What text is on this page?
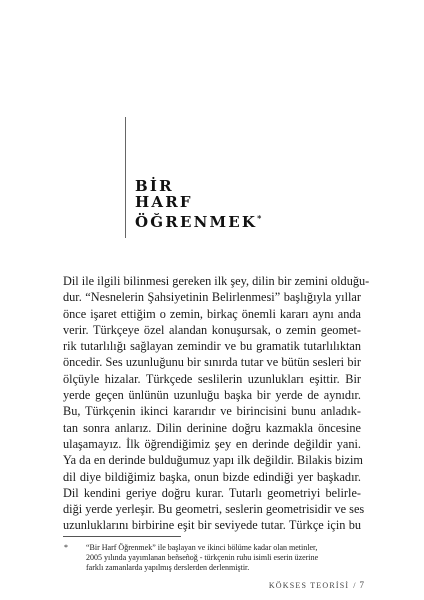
BİR
HARF
ÖĞRENMEK*
Dil ile ilgili bilinmesi gereken ilk şey, dilin bir zemini olduğu-
dur. “Nesnelerin Şahsiyetinin Belirlenmesi” başlığıyla yıllar
önce işaret ettiğim o zemin, birkaç önemli kararı aynı anda
verir. Türkçeye özel alandan konuşursak, o zemin geomet-
rik tutarlılığı sağlayan zemindir ve bu gramatik tutarlılıktan
öncedir. Ses uzunluğunu bir sınırda tutar ve bütün sesleri bir
ölçüyle hizalar. Türkçede seslilerin uzunlukları eşittir. Bir
yerde geçen ünlünün uzunluğu başka bir yerde de aynıdır.
Bu, Türkçenin ikinci kararıdır ve birincisini bunu anladık-
tan sonra anlarız. Dilin derinine doğru kazmakla öncesine
ulaşamayız. İlk öğrendiğimiz şey en derinde değildir yani.
Ya da en derinde bulduğumuz yapı ilk değildir. Bilakis bizim
dil diye bildiğimiz başka, onun bizde edindiği yer başkadır.
Dil kendini geriye doğru kurar. Tutarlı geometriyi belirle-
diği yerde yerleşir. Bu geometri, seslerin geometrisidir ve ses
uzunluklarını birbirine eşit bir seviyede tutar. Türkçe için bu
*	“Bir Harf Öğrenmek” ile başlayan ve ikinci bölüme kadar olan metinler,
2005 yılında yayımlanan beñseñoğ - türkçenin ruhu isimli eserin üzerine
farklı zamanlarda yapılmış derslerden derlenmiştir.
KÖKSES TEORİSİ / 7
